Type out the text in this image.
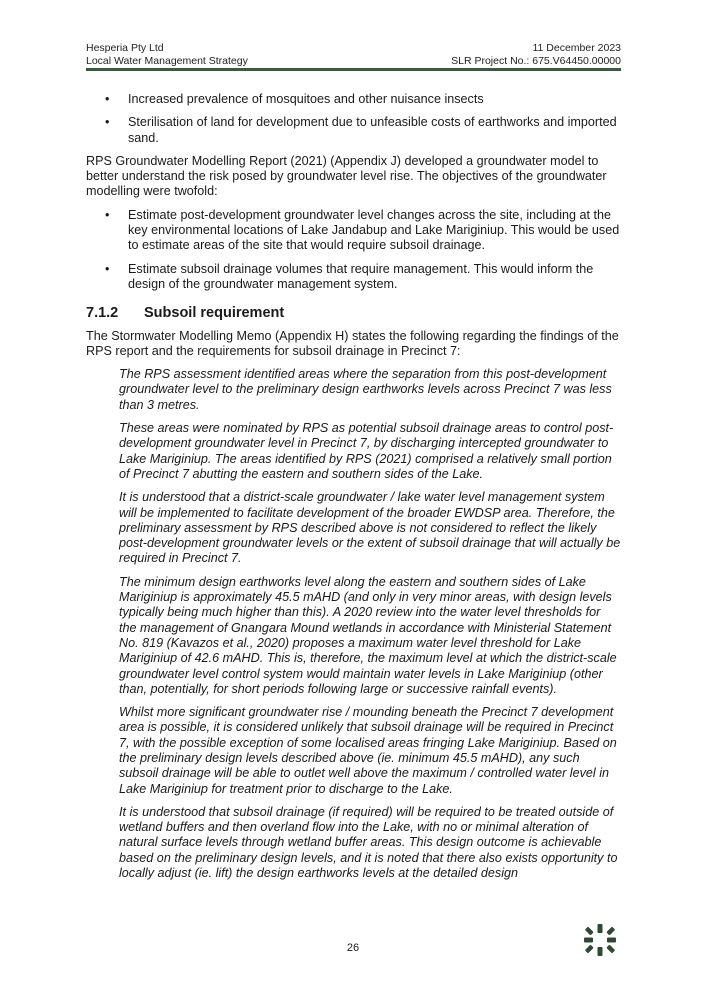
Hesperia Pty Ltd	11 December 2023
Local Water Management Strategy	SLR Project No.: 675.V64450.00000
• Increased prevalence of mosquitoes and other nuisance insects
• Sterilisation of land for development due to unfeasible costs of earthworks and imported sand.

RPS Groundwater Modelling Report (2021) (Appendix J) developed a groundwater model to better understand the risk posed by groundwater level rise. The objectives of the groundwater modelling were twofold:

• Estimate post-development groundwater level changes across the site, including at the key environmental locations of Lake Jandabup and Lake Mariginiup. This would be used to estimate areas of the site that would require subsoil drainage.
• Estimate subsoil drainage volumes that require management. This would inform the design of the groundwater management system.
7.1.2	Subsoil requirement

The Stormwater Modelling Memo (Appendix H) states the following regarding the findings of the RPS report and the requirements for subsoil drainage in Precinct 7:

The RPS assessment identified areas where the separation from this post-development groundwater level to the preliminary design earthworks levels across Precinct 7 was less than 3 metres.

These areas were nominated by RPS as potential subsoil drainage areas to control post-development groundwater level in Precinct 7, by discharging intercepted groundwater to Lake Mariginiup. The areas identified by RPS (2021) comprised a relatively small portion of Precinct 7 abutting the eastern and southern sides of the Lake.

It is understood that a district-scale groundwater / lake water level management system will be implemented to facilitate development of the broader EWDSP area. Therefore, the preliminary assessment by RPS described above is not considered to reflect the likely post-development groundwater levels or the extent of subsoil drainage that will actually be required in Precinct 7.

The minimum design earthworks level along the eastern and southern sides of Lake Mariginiup is approximately 45.5 mAHD (and only in very minor areas, with design levels typically being much higher than this). A 2020 review into the water level thresholds for the management of Gnangara Mound wetlands in accordance with Ministerial Statement No. 819 (Kavazos et al., 2020) proposes a maximum water level threshold for Lake Mariginiup of 42.6 mAHD. This is, therefore, the maximum level at which the district-scale groundwater level control system would maintain water levels in Lake Mariginiup (other than, potentially, for short periods following large or successive rainfall events).

Whilst more significant groundwater rise / mounding beneath the Precinct 7 development area is possible, it is considered unlikely that subsoil drainage will be required in Precinct 7, with the possible exception of some localised areas fringing Lake Mariginiup. Based on the preliminary design levels described above (ie. minimum 45.5 mAHD), any such subsoil drainage will be able to outlet well above the maximum / controlled water level in Lake Mariginiup for treatment prior to discharge to the Lake.

It is understood that subsoil drainage (if required) will be required to be treated outside of wetland buffers and then overland flow into the Lake, with no or minimal alteration of natural surface levels through wetland buffer areas. This design outcome is achievable based on the preliminary design levels, and it is noted that there also exists opportunity to locally adjust (ie. lift) the design earthworks levels at the detailed design

26
